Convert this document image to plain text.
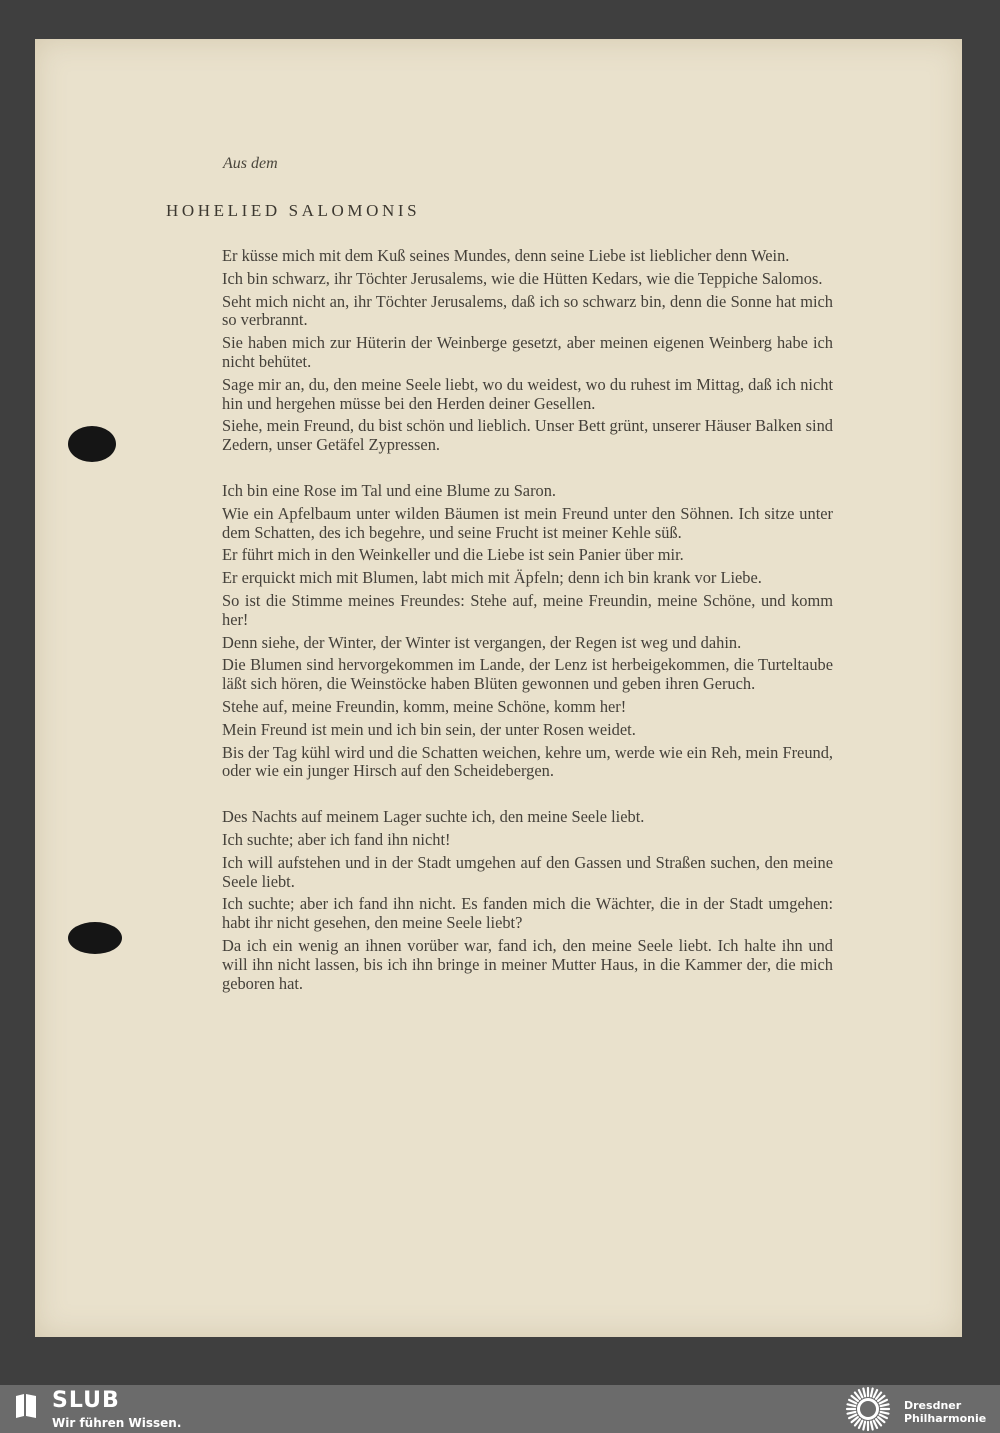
Aus dem
HOHELIED SALOMONIS

Er küsse mich mit dem Kuß seines Mundes, denn seine Liebe ist lieblicher denn Wein.

Ich bin schwarz, ihr Töchter Jerusalems, wie die Hütten Kedars, wie die Teppiche Salomos.

Seht mich nicht an, ihr Töchter Jerusalems, daß ich so schwarz bin, denn die Sonne hat mich so verbrannt.

Sie haben mich zur Hüterin der Weinberge gesetzt, aber meinen eigenen Weinberg habe ich nicht behütet.

Sage mir an, du, den meine Seele liebt, wo du weidest, wo du ruhest im Mittag, daß ich nicht hin und hergehen müsse bei den Herden deiner Gesellen.

Siehe, mein Freund, du bist schön und lieblich. Unser Bett grünt, unserer Häuser Balken sind Zedern, unser Getäfel Zypressen.

Ich bin eine Rose im Tal und eine Blume zu Saron.

Wie ein Apfelbaum unter wilden Bäumen ist mein Freund unter den Söhnen. Ich sitze unter dem Schatten, des ich begehre, und seine Frucht ist meiner Kehle süß.

Er führt mich in den Weinkeller und die Liebe ist sein Panier über mir.

Er erquickt mich mit Blumen, labt mich mit Äpfeln; denn ich bin krank vor Liebe.

So ist die Stimme meines Freundes: Stehe auf, meine Freundin, meine Schöne, und komm her!

Denn siehe, der Winter, der Winter ist vergangen, der Regen ist weg und dahin.

Die Blumen sind hervorgekommen im Lande, der Lenz ist herbeigekommen, die Turteltaube läßt sich hören, die Weinstöcke haben Blüten gewonnen und geben ihren Geruch.

Stehe auf, meine Freundin, komm, meine Schöne, komm her!

Mein Freund ist mein und ich bin sein, der unter Rosen weidet.

Bis der Tag kühl wird und die Schatten weichen, kehre um, werde wie ein Reh, mein Freund, oder wie ein junger Hirsch auf den Scheidebergen.

Des Nachts auf meinem Lager suchte ich, den meine Seele liebt.

Ich suchte; aber ich fand ihn nicht!

Ich will aufstehen und in der Stadt umgehen auf den Gassen und Straßen suchen, den meine Seele liebt.

Ich suchte; aber ich fand ihn nicht. Es fanden mich die Wächter, die in der Stadt umgehen: habt ihr nicht gesehen, den meine Seele liebt?

Da ich ein wenig an ihnen vorüber war, fand ich, den meine Seele liebt. Ich halte ihn und will ihn nicht lassen, bis ich ihn bringe in meiner Mutter Haus, in die Kammer der, die mich geboren hat.

SLUB
Wir führen Wissen.
Dresdner
Philharmonie
